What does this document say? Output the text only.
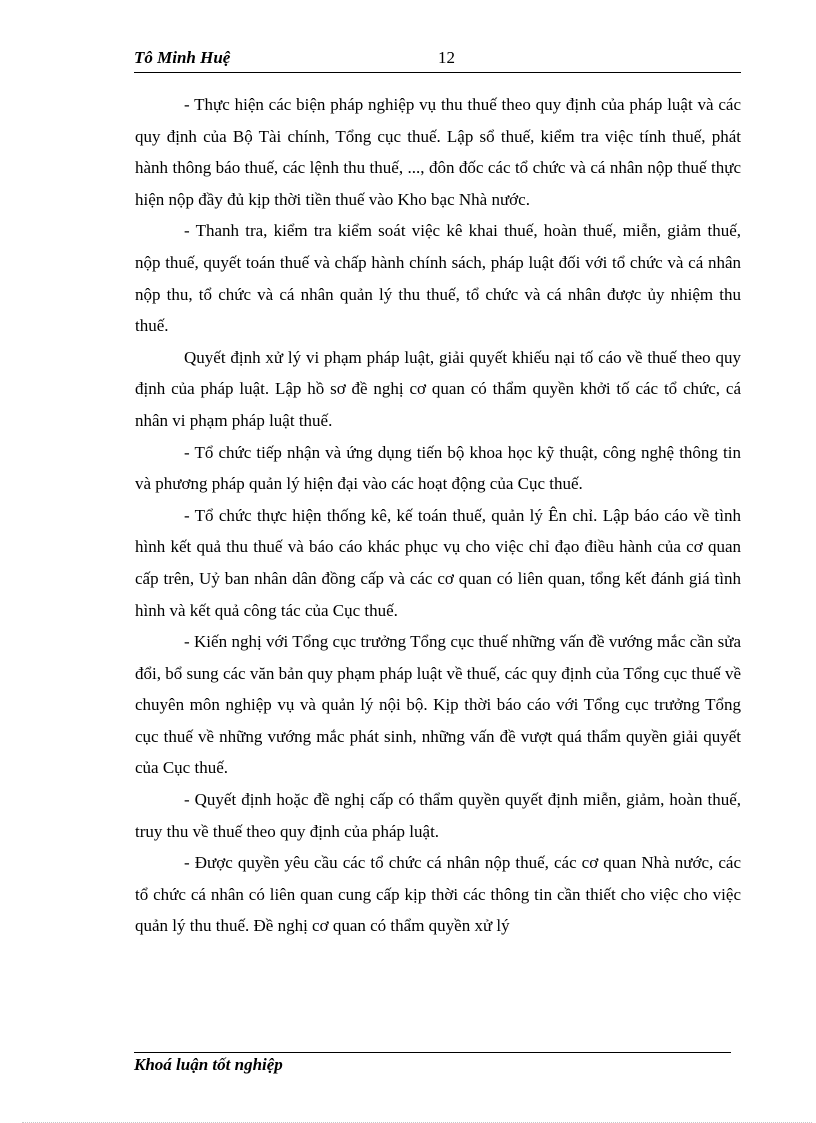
Tô Minh Huệ	12

- Thực hiện các biện pháp nghiệp vụ thu thuế theo quy định của pháp luật và các quy định của Bộ Tài chính, Tổng cục thuế. Lập sổ thuế, kiểm tra việc tính thuế, phát hành thông báo thuế, các lệnh thu thuế, ..., đôn đốc các tổ chức và cá nhân nộp thuế thực hiện nộp đầy đủ kịp thời tiền thuế vào Kho bạc Nhà nước.

- Thanh tra, kiểm tra kiểm soát việc kê khai thuế, hoàn thuế, miễn, giảm thuế, nộp thuế, quyết toán thuế và chấp hành chính sách, pháp luật đối với tổ chức và cá nhân nộp thu, tổ chức và cá nhân quản lý thu thuế, tổ chức và cá nhân được ủy nhiệm thu thuế.

Quyết định xử lý vi phạm pháp luật, giải quyết khiếu nại tố cáo về thuế theo quy định của pháp luật. Lập hồ sơ đề nghị cơ quan có thẩm quyền khởi tố các tổ chức, cá nhân vi phạm pháp luật thuế.

- Tổ chức tiếp nhận và ứng dụng tiến bộ khoa học kỹ thuật, công nghệ thông tin và phương pháp quản lý hiện đại vào các hoạt động của Cục thuế.

- Tổ chức thực hiện thống kê, kế toán thuế, quản lý Ên chỉ. Lập báo cáo về tình hình kết quả thu thuế và báo cáo khác phục vụ cho việc chỉ đạo điều hành của cơ quan cấp trên, Uỷ ban nhân dân đồng cấp và các cơ quan có liên quan, tổng kết đánh giá tình hình và kết quả công tác của Cục thuế.

- Kiến nghị với Tổng cục trưởng Tổng cục thuế những vấn đề vướng mắc cần sửa đổi, bổ sung các văn bản quy phạm pháp luật về thuế, các quy định của Tổng cục thuế về chuyên môn nghiệp vụ và quản lý nội bộ. Kịp thời báo cáo với Tổng cục trưởng Tổng cục thuế về những vướng mắc phát sinh, những vấn đề vượt quá thẩm quyền giải quyết của Cục thuế.

- Quyết định hoặc đề nghị cấp có thẩm quyền quyết định miễn, giảm, hoàn thuế, truy thu về thuế theo quy định của pháp luật.

- Được quyền yêu cầu các tổ chức cá nhân nộp thuế, các cơ quan Nhà nước, các tổ chức cá nhân có liên quan cung cấp kịp thời các thông tin cần thiết cho việc cho việc quản lý thu thuế. Đề nghị cơ quan có thẩm quyền xử lý

Khoá luận tốt nghiệp
